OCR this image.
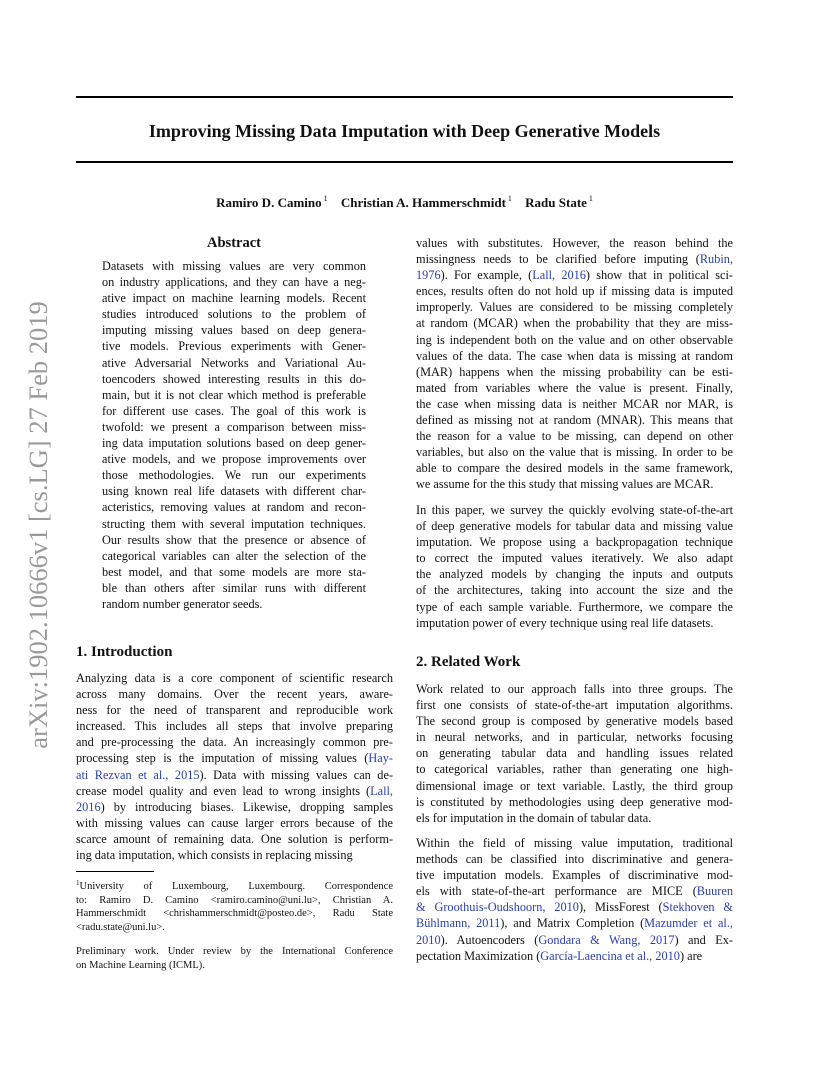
Improving Missing Data Imputation with Deep Generative Models
Ramiro D. Camino $^1$ Christian A. Hammerschmidt $^1$ Radu State $^1$
arXiv:1902.10666v1 [cs.LG] 27 Feb 2019
Abstract
Datasets with missing values are very common
on industry applications, and they can have a neg-
ative impact on machine learning models. Recent
studies introduced solutions to the problem of
imputing missing values based on deep genera-
tive models. Previous experiments with Gener-
ative Adversarial Networks and Variational Au-
toencoders showed interesting results in this do-
main, but it is not clear which method is preferable
for different use cases. The goal of this work is
twofold: we present a comparison between miss-
ing data imputation solutions based on deep gener-
ative models, and we propose improvements over
those methodologies. We run our experiments
using known real life datasets with different char-
acteristics, removing values at random and recon-
structing them with several imputation techniques.
Our results show that the presence or absence of
categorical variables can alter the selection of the
best model, and that some models are more sta-
ble than others after similar runs with different
random number generator seeds.
1. Introduction
Analyzing data is a core component of scientific research
across many domains. Over the recent years, aware-
ness for the need of transparent and reproducible work
increased. This includes all steps that involve preparing
and pre-processing the data. An increasingly common pre-
processing step is the imputation of missing values (Hay-
ati Rezvan et al., 2015). Data with missing values can de-
crease model quality and even lead to wrong insights (Lall,
2016) by introducing biases. Likewise, dropping samples
with missing values can cause larger errors because of the
scarce amount of remaining data. One solution is perform-
ing data imputation, which consists in replacing missing
$^1$University of Luxembourg, Luxembourg. Correspondence
to: Ramiro D. Camino <ramiro.camino@uni.lu>, Christian A.
Hammerschmidt <chrishammerschmidt@posteo.de>, Radu State
<radu.state@uni.lu>.
Preliminary work. Under review by the International Conference
on Machine Learning (ICML).
values with substitutes. However, the reason behind the
missingness needs to be clarified before imputing (Rubin,
1976). For example, (Lall, 2016) show that in political sci-
ences, results often do not hold up if missing data is imputed
improperly. Values are considered to be missing completely
at random (MCAR) when the probability that they are miss-
ing is independent both on the value and on other observable
values of the data. The case when data is missing at random
(MAR) happens when the missing probability can be esti-
mated from variables where the value is present. Finally,
the case when missing data is neither MCAR nor MAR, is
defined as missing not at random (MNAR). This means that
the reason for a value to be missing, can depend on other
variables, but also on the value that is missing. In order to be
able to compare the desired models in the same framework,
we assume for the this study that missing values are MCAR.
In this paper, we survey the quickly evolving state-of-the-art
of deep generative models for tabular data and missing value
imputation. We propose using a backpropagation technique
to correct the imputed values iteratively. We also adapt
the analyzed models by changing the inputs and outputs
of the architectures, taking into account the size and the
type of each sample variable. Furthermore, we compare the
imputation power of every technique using real life datasets.
2. Related Work
Work related to our approach falls into three groups. The
first one consists of state-of-the-art imputation algorithms.
The second group is composed by generative models based
in neural networks, and in particular, networks focusing
on generating tabular data and handling issues related
to categorical variables, rather than generating one high-
dimensional image or text variable. Lastly, the third group
is constituted by methodologies using deep generative mod-
els for imputation in the domain of tabular data.
Within the field of missing value imputation, traditional
methods can be classified into discriminative and genera-
tive imputation models. Examples of discriminative mod-
els with state-of-the-art performance are MICE (Buuren
& Groothuis-Oudshoorn, 2010), MissForest (Stekhoven &
Bühlmann, 2011), and Matrix Completion (Mazumder et al.,
2010). Autoencoders (Gondara & Wang, 2017) and Ex-
pectation Maximization (García-Laencina et al., 2010) are
